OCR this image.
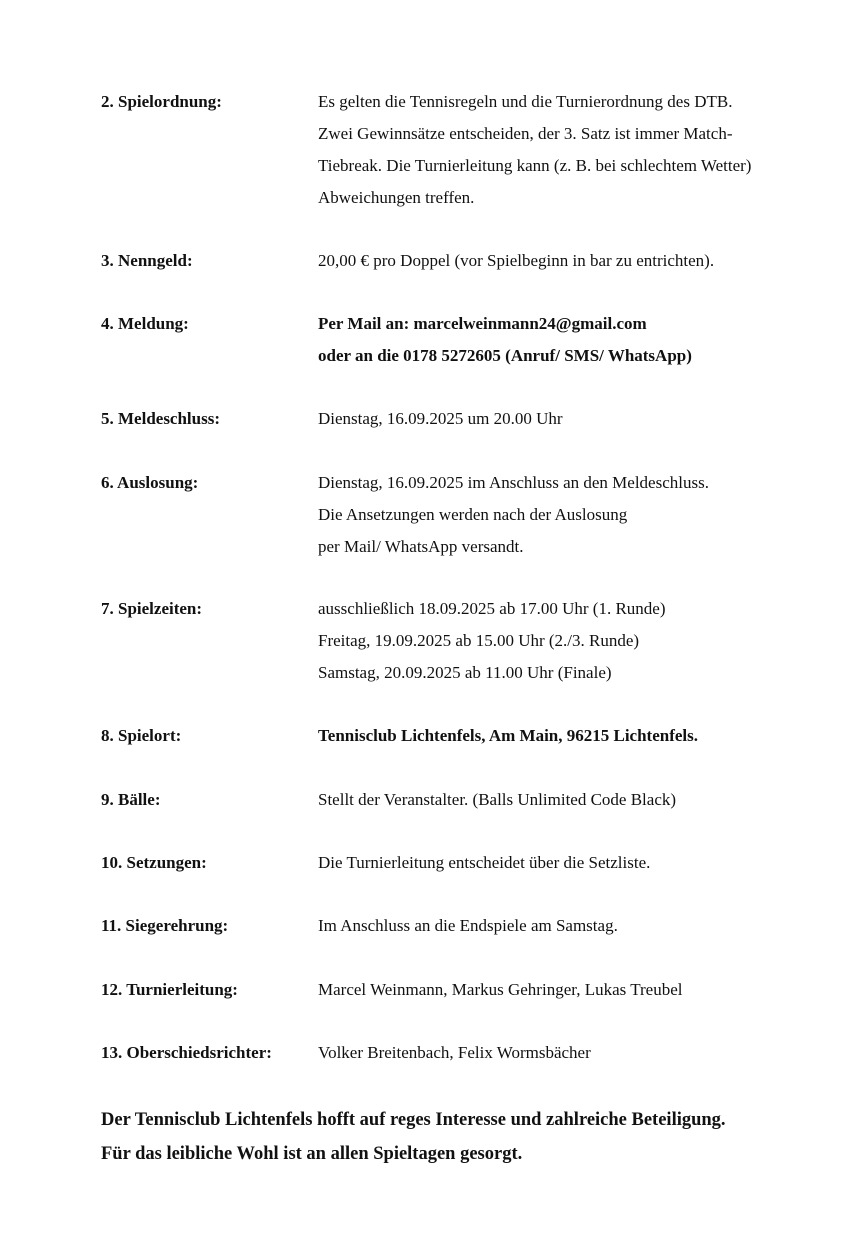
2. Spielordnung:	Es gelten die Tennisregeln und die Turnierordnung des DTB.
Zwei Gewinnsätze entscheiden, der 3. Satz ist immer Match-
Tiebreak. Die Turnierleitung kann (z. B. bei schlechtem Wetter)
Abweichungen treffen.
3. Nenngeld:	20,00 € pro Doppel (vor Spielbeginn in bar zu entrichten).
4. Meldung:	Per Mail an: marcelweinmann24@gmail.com
oder an die 0178 5272605 (Anruf/ SMS/ WhatsApp)
5. Meldeschluss:	Dienstag, 16.09.2025 um 20.00 Uhr
6. Auslosung:	Dienstag, 16.09.2025 im Anschluss an den Meldeschluss.
Die Ansetzungen werden nach der Auslosung
per Mail/ WhatsApp versandt.
7. Spielzeiten:	ausschließlich 18.09.2025 ab 17.00 Uhr (1. Runde)
Freitag, 19.09.2025 ab 15.00 Uhr (2./3. Runde)
Samstag, 20.09.2025 ab 11.00 Uhr (Finale)
8. Spielort:	Tennisclub Lichtenfels, Am Main, 96215 Lichtenfels.
9. Bälle:	Stellt der Veranstalter. (Balls Unlimited Code Black)
10. Setzungen:	Die Turnierleitung entscheidet über die Setzliste.
11. Siegerehrung:	Im Anschluss an die Endspiele am Samstag.
12. Turnierleitung:	Marcel Weinmann, Markus Gehringer, Lukas Treubel
13. Oberschiedsrichter:	Volker Breitenbach, Felix Wormsbächer
Der Tennisclub Lichtenfels hofft auf reges Interesse und zahlreiche Beteiligung.
Für das leibliche Wohl ist an allen Spieltagen gesorgt.
